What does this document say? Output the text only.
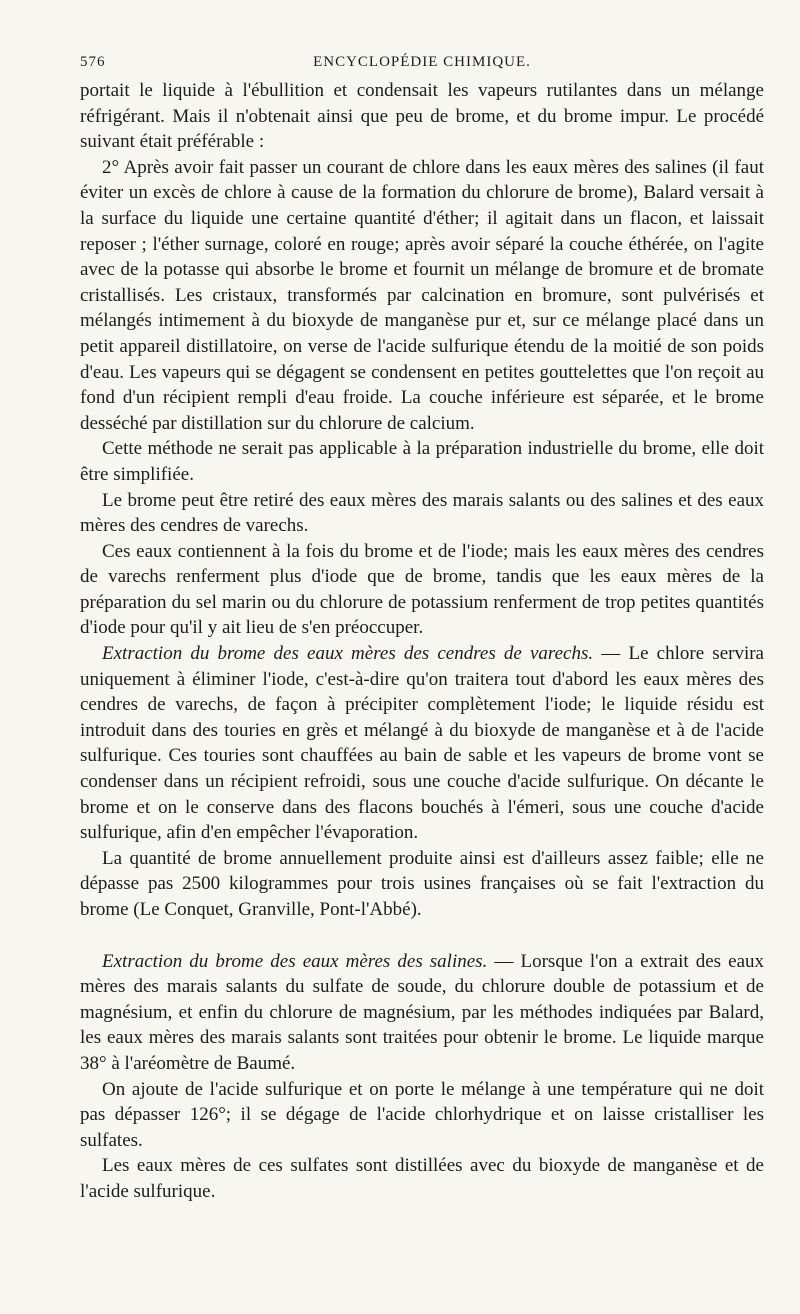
576	ENCYCLOPÉDIE CHIMIQUE.

portait le liquide à l'ébullition et condensait les vapeurs rutilantes dans un mélange réfrigérant. Mais il n'obtenait ainsi que peu de brome, et du brome impur. Le procédé suivant était préférable :

2° Après avoir fait passer un courant de chlore dans les eaux mères des salines (il faut éviter un excès de chlore à cause de la formation du chlorure de brome), Balard versait à la surface du liquide une certaine quantité d'éther; il agitait dans un flacon, et laissait reposer ; l'éther surnage, coloré en rouge; après avoir séparé la couche éthérée, on l'agite avec de la potasse qui absorbe le brome et fournit un mélange de bromure et de bromate cristallisés. Les cristaux, transformés par calcination en bromure, sont pulvérisés et mélangés intimement à du bioxyde de manganèse pur et, sur ce mélange placé dans un petit appareil distillatoire, on verse de l'acide sulfurique étendu de la moitié de son poids d'eau. Les vapeurs qui se dégagent se condensent en petites gouttelettes que l'on reçoit au fond d'un récipient rempli d'eau froide. La couche inférieure est séparée, et le brome desséché par distillation sur du chlorure de calcium.

Cette méthode ne serait pas applicable à la préparation industrielle du brome, elle doit être simplifiée.

Le brome peut être retiré des eaux mères des marais salants ou des salines et des eaux mères des cendres de varechs.

Ces eaux contiennent à la fois du brome et de l'iode; mais les eaux mères des cendres de varechs renferment plus d'iode que de brome, tandis que les eaux mères de la préparation du sel marin ou du chlorure de potassium renferment de trop petites quantités d'iode pour qu'il y ait lieu de s'en préoccuper.

Extraction du brome des eaux mères des cendres de varechs. — Le chlore servira uniquement à éliminer l'iode, c'est-à-dire qu'on traitera tout d'abord les eaux mères des cendres de varechs, de façon à précipiter complètement l'iode; le liquide résidu est introduit dans des touries en grès et mélangé à du bioxyde de manganèse et à de l'acide sulfurique. Ces touries sont chauffées au bain de sable et les vapeurs de brome vont se condenser dans un récipient refroidi, sous une couche d'acide sulfurique. On décante le brome et on le conserve dans des flacons bouchés à l'émeri, sous une couche d'acide sulfurique, afin d'en empêcher l'évaporation.

La quantité de brome annuellement produite ainsi est d'ailleurs assez faible; elle ne dépasse pas 2500 kilogrammes pour trois usines françaises où se fait l'extraction du brome (Le Conquet, Granville, Pont-l'Abbé).

Extraction du brome des eaux mères des salines. — Lorsque l'on a extrait des eaux mères des marais salants du sulfate de soude, du chlorure double de potassium et de magnésium, et enfin du chlorure de magnésium, par les méthodes indiquées par Balard, les eaux mères des marais salants sont traitées pour obtenir le brome. Le liquide marque 38° à l'aréomètre de Baumé.

On ajoute de l'acide sulfurique et on porte le mélange à une température qui ne doit pas dépasser 126°; il se dégage de l'acide chlorhydrique et on laisse cristalliser les sulfates.

Les eaux mères de ces sulfates sont distillées avec du bioxyde de manganèse et de l'acide sulfurique.
